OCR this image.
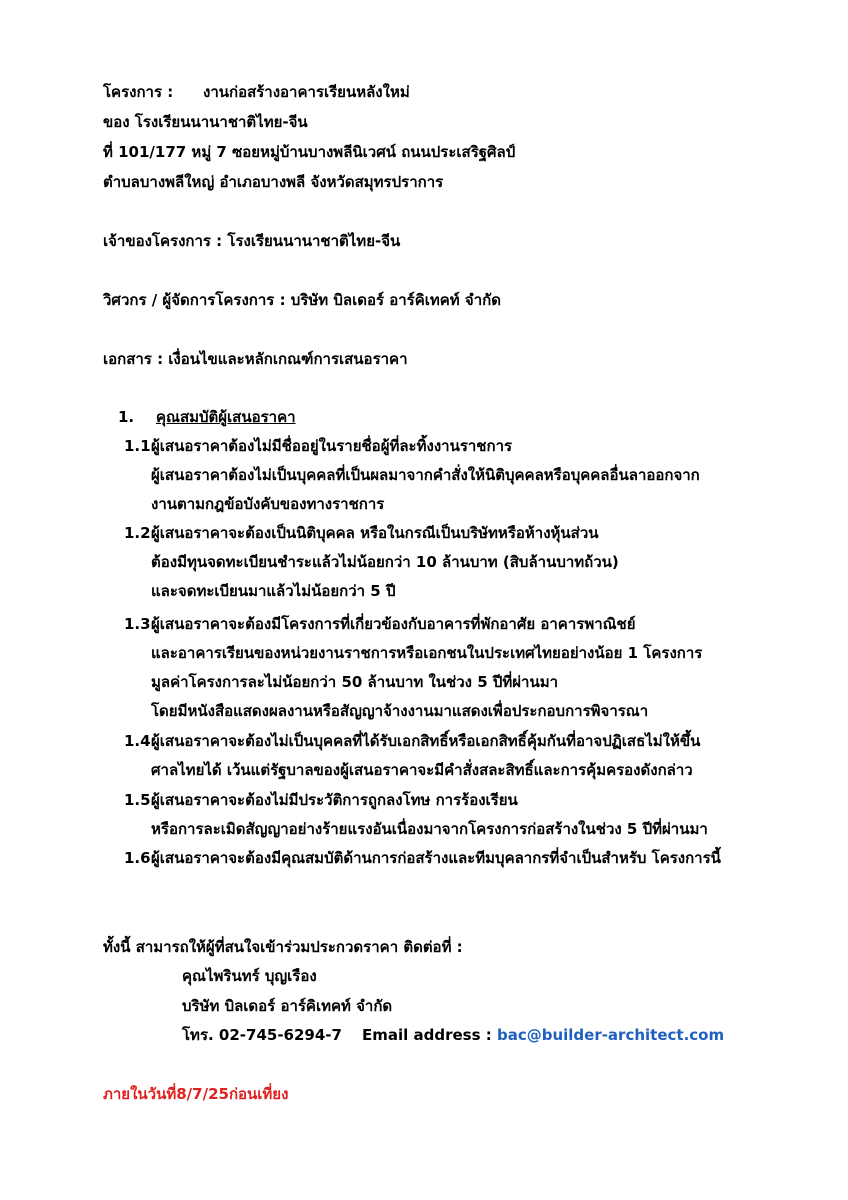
โครงการ : งานก่อสร้างอาคารเรียนหลังใหม่
ของ โรงเรียนนานาชาติไทย-จีน
ที่ 101/177 หมู่ 7 ซอยหมู่บ้านบางพลีนิเวศน์ ถนนประเสริฐศิลป์
ตำบลบางพลีใหญ่ อำเภอบางพลี จังหวัดสมุทรปราการ
เจ้าของโครงการ : โรงเรียนนานาชาติไทย-จีน
วิศวกร / ผู้จัดการโครงการ : บริษัท บิลเดอร์ อาร์คิเทคท์ จำกัด
เอกสาร : เงื่อนไขและหลักเกณฑ์การเสนอราคา
1. คุณสมบัติผู้เสนอราคา
1.1.
ผู้เสนอราคาต้องไม่มีชื่ออยู่ในรายชื่อผู้ที่ละทิ้งงานราชการ
ผู้เสนอราคาต้องไม่เป็นบุคคลที่เป็นผลมาจากคำสั่งให้นิติบุคคลหรือบุคคลอื่นลาออกจาก
งานตามกฎข้อบังคับของทางราชการ
1.2.
ผู้เสนอราคาจะต้องเป็นนิติบุคคล หรือในกรณีเป็นบริษัทหรือห้างหุ้นส่วน
ต้องมีทุนจดทะเบียนชำระแล้วไม่น้อยกว่า 10 ล้านบาท (สิบล้านบาทถ้วน)
และจดทะเบียนมาแล้วไม่น้อยกว่า 5 ปี
1.3.
ผู้เสนอราคาจะต้องมีโครงการที่เกี่ยวข้องกับอาคารที่พักอาศัย อาคารพาณิชย์
และอาคารเรียนของหน่วยงานราชการหรือเอกชนในประเทศไทยอย่างน้อย 1 โครงการ
มูลค่าโครงการละไม่น้อยกว่า 50 ล้านบาท ในช่วง 5 ปีที่ผ่านมา
โดยมีหนังสือแสดงผลงานหรือสัญญาจ้างงานมาแสดงเพื่อประกอบการพิจารณา
1.4.
ผู้เสนอราคาจะต้องไม่เป็นบุคคลที่ได้รับเอกสิทธิ์หรือเอกสิทธิ์คุ้มกันที่อาจปฏิเสธไม่ให้ขึ้น
ศาลไทยได้ เว้นแต่รัฐบาลของผู้เสนอราคาจะมีคำสั่งสละสิทธิ์และการคุ้มครองดังกล่าว
1.5.
ผู้เสนอราคาจะต้องไม่มีประวัติการถูกลงโทษ การร้องเรียน
หรือการละเมิดสัญญาอย่างร้ายแรงอันเนื่องมาจากโครงการก่อสร้างในช่วง 5 ปีที่ผ่านมา
1.6.
ผู้เสนอราคาจะต้องมีคุณสมบัติด้านการก่อสร้างและทีมบุคลากรที่จำเป็นสำหรับ โครงการนี้
ทั้งนี้ สามารถให้ผู้ที่สนใจเข้าร่วมประกวดราคา ติดต่อที่ :
คุณไพรินทร์ บุญเรือง
บริษัท บิลเดอร์ อาร์คิเทคท์ จำกัด
โทร. 02-745-6294-7 Email address : bac@builder-architect.com
ภายในวันที่8/7/25ก่อนเที่ยง
